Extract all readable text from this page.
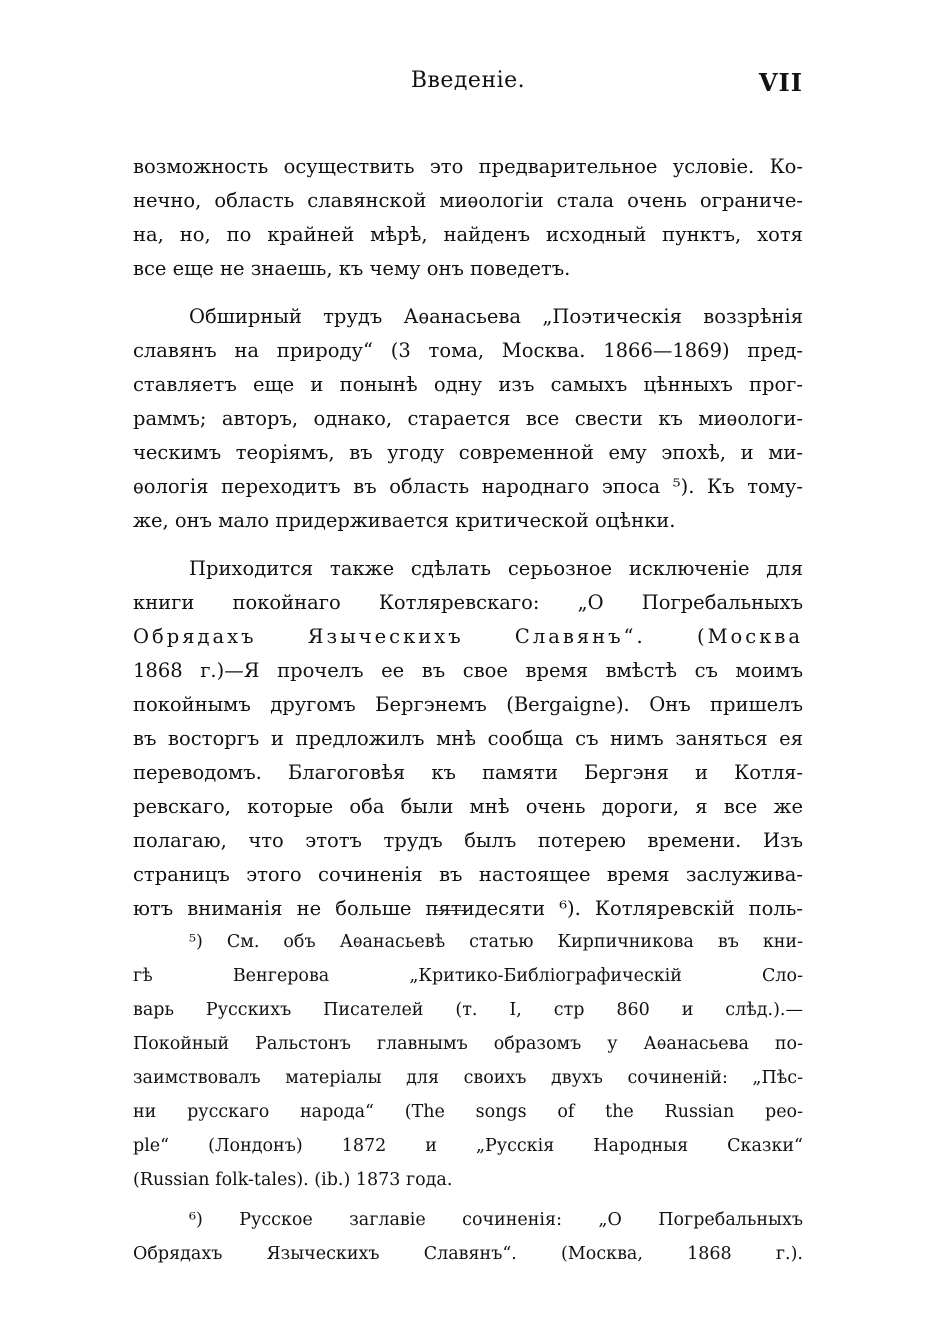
Введеніе.	VII
возможность осуществить это предварительное условіе. Ко-
нечно, область славянской миѳологіи стала очень ограниче-
на, но, по крайней мѣрѣ, найденъ исходный пунктъ, хотя
все еще не знаешь, къ чему онъ поведетъ.
Обширный трудъ Аѳанасьева „Поэтическія воззрѣнія
славянъ на природу“ (3 тома, Москва. 1866—1869) пред-
ставляетъ еще и понынѣ одну изъ самыхъ цѣнныхъ прог-
раммъ; авторъ, однако, старается все свести къ миѳологи-
ческимъ теоріямъ, въ угоду современной ему эпохѣ, и ми-
ѳологія переходитъ въ область народнаго эпоса ⁵). Къ тому-
же, онъ мало придерживается критической оцѣнки.
Приходится также сдѣлать серьозное исключеніе для
книги покойнаго Котляревскаго: „О Погребальныхъ
Обрядахъ Языческихъ Славянъ“. (Москва
1868 г.)—Я прочелъ ее въ свое время вмѣстѣ съ моимъ
покойнымъ другомъ Бергэнемъ (Bergaigne). Онъ пришелъ
въ восторгъ и предложилъ мнѣ сообща съ нимъ заняться ея
переводомъ. Благоговѣя къ памяти Бергэня и Котля-
ревскаго, которые оба были мнѣ очень дороги, я все же
полагаю, что этотъ трудъ былъ потерею времени. Изъ
страницъ этого сочиненія въ настоящее время заслужива-
ютъ вниманія не больше пятидесяти ⁶). Котляревскій поль-
⁵) См. объ Аѳанасьевѣ статью Кирпичникова въ кни-
гѣ Венгерова „Критико-Библіографическій Сло-
варь Русскихъ Писателей (т. I, стр 860 и слѣд.).—
Покойный Ральстонъ главнымъ образомъ у Аѳанасьева по-
заимствовалъ матеріалы для своихъ двухъ сочиненій: „Пѣс-
ни русскаго народа“ (The songs of the Russian peo-
ple“ (Лондонъ) 1872 и „Русскія Народныя Сказки“
(Russian folk-tales). (ib.) 1873 года.
⁶) Русское заглавіе сочиненія: „О Погребальныхъ
Обрядахъ Языческихъ Славянъ“. (Москва, 1868 г.).
